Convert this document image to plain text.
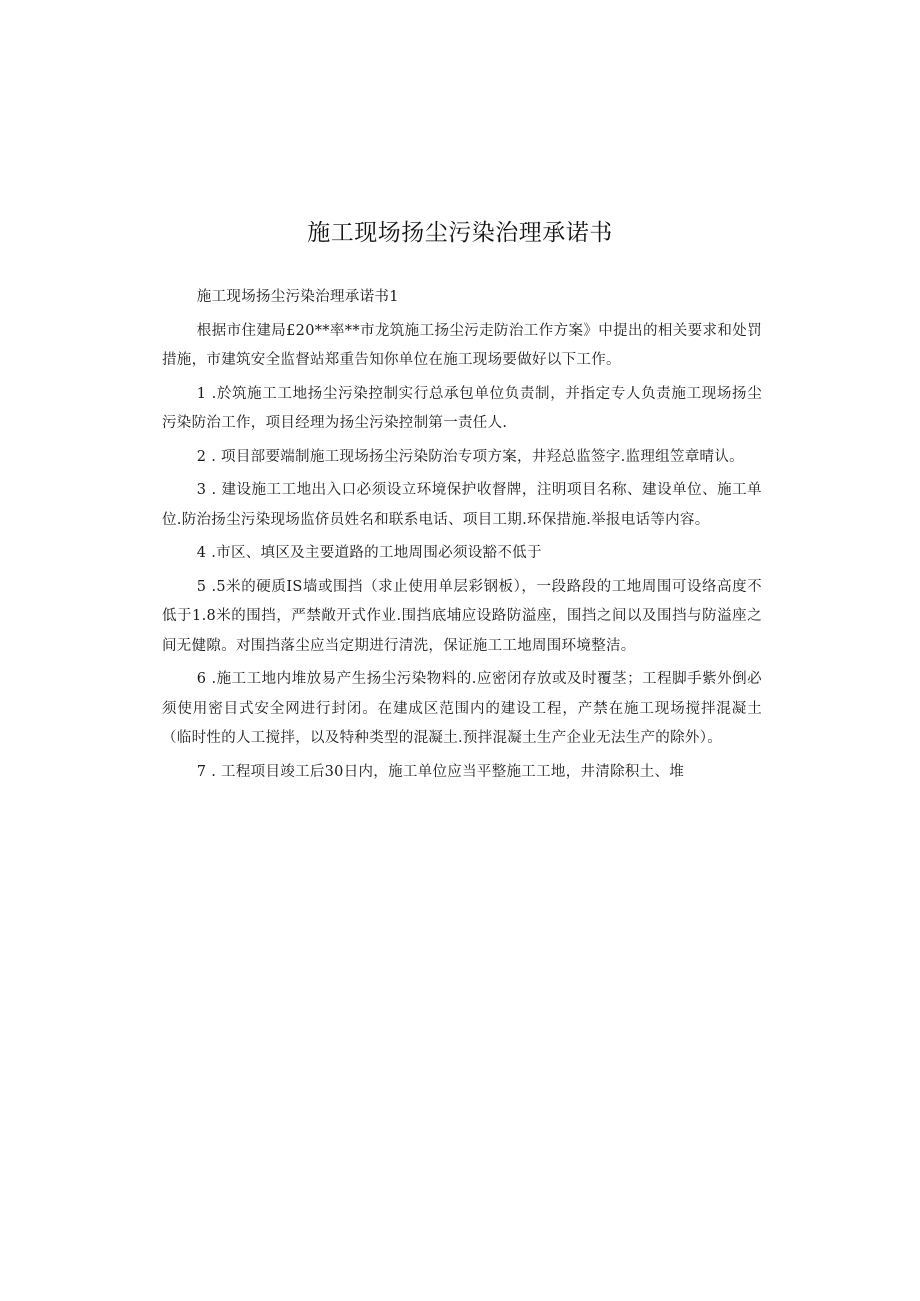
施工现场扬尘污染治理承诺书

施工现场扬尘污染治理承诺书1

根据市住建局£20**率**市龙筑施工扬尘污走防治工作方案》中提出的相关要求和处罚措施，市建筑安全监督站郑重告知你单位在施工现场要做好以下工作。

1 .於筑施工工地扬尘污染控制实行总承包单位负责制，并指定专人负责施工现场扬尘污染防治工作，项目经理为扬尘污染控制第一责任人.

2 . 项目部要端制施工现场扬尘污染防治专项方案，井羟总监签字.监理组笠章晴认。

3 . 建设施工工地出入口必须设立环境保护收督牌，注明项目名称、建设单位、施工单位.防治扬尘污染现场监侪员姓名和联系电话、项目工期.环保措施.举报电话等内容。

4 .市区、填区及主要道路的工地周围必须设豁不低于

5 .5米的硬质IS墙或围挡（求止使用单层彩钢板），一段路段的工地周围可设络高度不低于1.8米的围挡，严禁敞开式作业.围挡底埔应设路防溢座，围挡之间以及围挡与防溢座之间无健隙。对围挡落尘应当定期进行清洗，保证施工工地周围环境整洁。

6 .施工工地内堆放易产生扬尘污染物料的.应密闭存放或及时覆茎；工程脚手紫外倒必须使用密目式安全网进行封闭。在建成区范围内的建设工程，产禁在施工现场搅拌混凝土（临时性的人工搅拌，以及特种类型的混凝土.预拌混凝土生产企业无法生产的除外）。

7 . 工程项目竣工后30日内，施工单位应当平整施工工地，井清除积土、堆
